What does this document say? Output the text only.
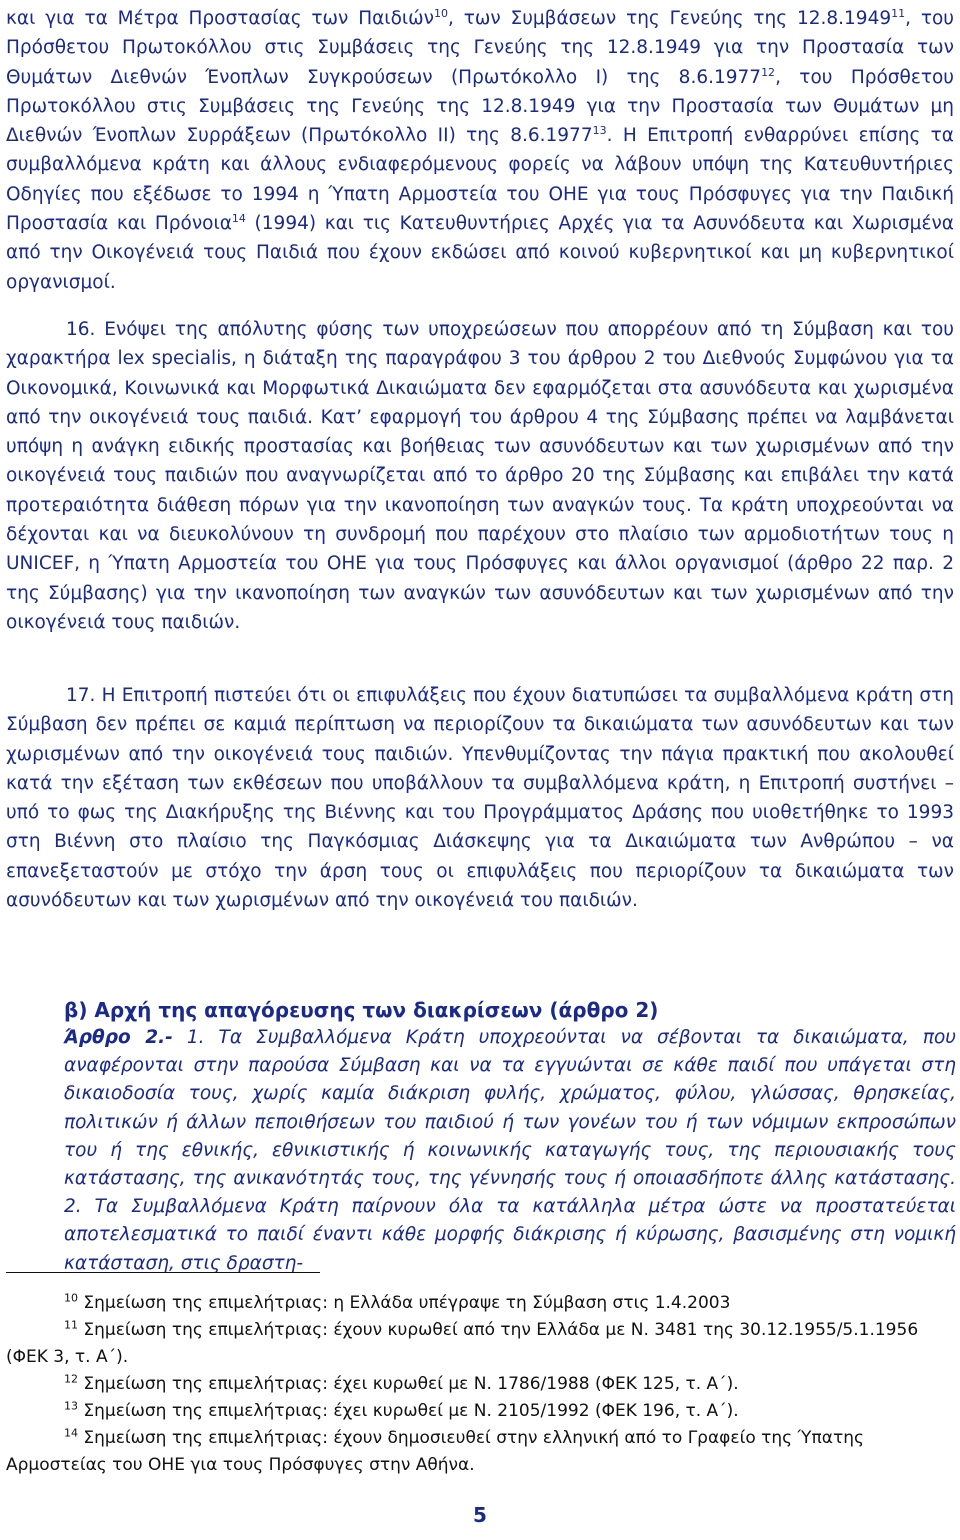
και για τα Μέτρα Προστασίας των Παιδιών$^{10}$, των Συμβάσεων της Γενεύης της 12.8.1949$^{11}$, του Πρόσθετου Πρωτοκόλλου στις Συμβάσεις της Γενεύης της 12.8.1949 για την Προστασία των Θυμάτων Διεθνών Ένοπλων Συγκρούσεων (Πρωτόκολλο Ι) της 8.6.1977$^{12}$, του Πρόσθετου Πρωτοκόλλου στις Συμβάσεις της Γενεύης της 12.8.1949 για την Προστασία των Θυμάτων μη Διεθνών Ένοπλων Συρράξεων (Πρωτόκολλο ΙΙ) της 8.6.1977$^{13}$. Η Επιτροπή ενθαρρύνει επίσης τα συμβαλλόμενα κράτη και άλλους ενδιαφερόμενους φορείς να λάβουν υπόψη της Κατευθυντήριες Οδηγίες που εξέδωσε το 1994 η Ύπατη Αρμοστεία του ΟΗΕ για τους Πρόσφυγες για την Παιδική Προστασία και Πρόνοια$^{14}$ (1994) και τις Κατευθυντήριες Αρχές για τα Ασυνόδευτα και Χωρισμένα από την Οικογένειά τους Παιδιά που έχουν εκδώσει από κοινού κυβερνητικοί και μη κυβερνητικοί οργανισμοί.

16. Ενόψει της απόλυτης φύσης των υποχρεώσεων που απορρέουν από τη Σύμβαση και του χαρακτήρα lex specialis, η διάταξη της παραγράφου 3 του άρθρου 2 του Διεθνούς Συμφώνου για τα Οικονομικά, Κοινωνικά και Μορφωτικά Δικαιώματα δεν εφαρμόζεται στα ασυνόδευτα και χωρισμένα από την οικογένειά τους παιδιά. Κατ’ εφαρμογή του άρθρου 4 της Σύμβασης πρέπει να λαμβάνεται υπόψη η ανάγκη ειδικής προστασίας και βοήθειας των ασυνόδευτων και των χωρισμένων από την οικογένειά τους παιδιών που αναγνωρίζεται από το άρθρο 20 της Σύμβασης και επιβάλει την κατά προτεραιότητα διάθεση πόρων για την ικανοποίηση των αναγκών τους. Τα κράτη υποχρεούνται να δέχονται και να διευκολύνουν τη συνδρομή που παρέχουν στο πλαίσιο των αρμοδιοτήτων τους η UNICEF, η Ύπατη Αρμοστεία του ΟΗΕ για τους Πρόσφυγες και άλλοι οργανισμοί (άρθρο 22 παρ. 2 της Σύμβασης) για την ικανοποίηση των αναγκών των ασυνόδευτων και των χωρισμένων από την οικογένειά τους παιδιών.

17. Η Επιτροπή πιστεύει ότι οι επιφυλάξεις που έχουν διατυπώσει τα συμβαλλόμενα κράτη στη Σύμβαση δεν πρέπει σε καμιά περίπτωση να περιορίζουν τα δικαιώματα των ασυνόδευτων και των χωρισμένων από την οικογένειά τους παιδιών. Υπενθυμίζοντας την πάγια πρακτική που ακολουθεί κατά την εξέταση των εκθέσεων που υποβάλλουν τα συμβαλλόμενα κράτη, η Επιτροπή συστήνει – υπό το φως της Διακήρυξης της Βιέννης και του Προγράμματος Δράσης που υιοθετήθηκε το 1993 στη Βιέννη στο πλαίσιο της Παγκόσμιας Διάσκεψης για τα Δικαιώματα των Ανθρώπου – να επανεξεταστούν με στόχο την άρση τους οι επιφυλάξεις που περιορίζουν τα δικαιώματα των ασυνόδευτων και των χωρισμένων από την οικογένειά του παιδιών.

β) Αρχή της απαγόρευσης των διακρίσεων (άρθρο 2)

Άρθρο 2.- 1. Τα Συμβαλλόμενα Κράτη υποχρεούνται να σέβονται τα δικαιώματα, που αναφέρονται στην παρούσα Σύμβαση και να τα εγγυώνται σε κάθε παιδί που υπάγεται στη δικαιοδοσία τους, χωρίς καμία διάκριση φυλής, χρώματος, φύλου, γλώσσας, θρησκείας, πολιτικών ή άλλων πεποιθήσεων του παιδιού ή των γονέων του ή των νόμιμων εκπροσώπων του ή της εθνικής, εθνικιστικής ή κοινωνικής καταγωγής τους, της περιουσιακής τους κατάστασης, της ανικανότητάς τους, της γέννησής τους ή οποιασδήποτε άλλης κατάστασης. 2. Τα Συμβαλλόμενα Κράτη παίρνουν όλα τα κατάλληλα μέτρα ώστε να προστατεύεται αποτελεσματικά το παιδί έναντι κάθε μορφής διάκρισης ή κύρωσης, βασισμένης στη νομική κατάσταση, στις δραστη-

$^{10}$ Σημείωση της επιμελήτριας: η Ελλάδα υπέγραψε τη Σύμβαση στις 1.4.2003

$^{11}$ Σημείωση της επιμελήτριας: έχουν κυρωθεί από την Ελλάδα με Ν. 3481 της 30.12.1955/5.1.1956 (ΦΕΚ 3, τ. Α΄).

$^{12}$ Σημείωση της επιμελήτριας: έχει κυρωθεί με Ν. 1786/1988 (ΦΕΚ 125, τ. Α΄).

$^{13}$ Σημείωση της επιμελήτριας: έχει κυρωθεί με Ν. 2105/1992 (ΦΕΚ 196, τ. Α΄).

$^{14}$ Σημείωση της επιμελήτριας: έχουν δημοσιευθεί στην ελληνική από το Γραφείο της Ύπατης Αρμοστείας του ΟΗΕ για τους Πρόσφυγες στην Αθήνα.

5
